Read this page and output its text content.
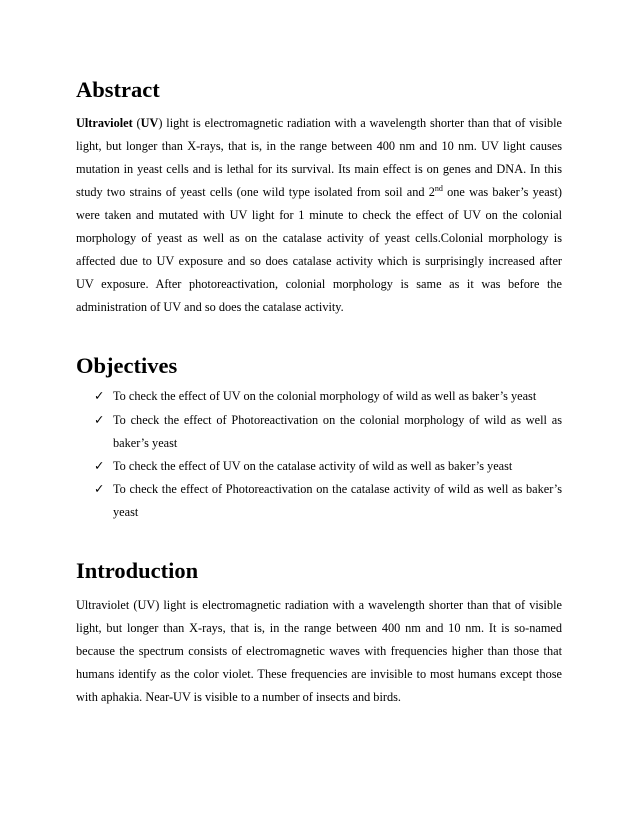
Abstract

Ultraviolet (UV) light is electromagnetic radiation with a wavelength shorter than that of visible

light, but longer than X-rays, that is, in the range between 400 nm and 10 nm. UV light causes

mutation in yeast cells and is lethal for its survival. Its main effect is on genes and DNA. In this

study two strains of yeast cells (one wild type isolated from soil and 2nd one was baker’s yeast)

were taken and mutated with UV light for 1 minute to check the effect of UV on the colonial

morphology of yeast as well as on the catalase activity of yeast cells.Colonial morphology is

affected due to UV exposure and so does catalase activity which is surprisingly increased after

UV exposure. After photoreactivation, colonial morphology is same as it was before the

administration of UV and so does the catalase activity.

Objectives
✓ To check the effect of UV on the colonial morphology of wild as well as baker’s yeast

✓ To check the effect of Photoreactivation on the colonial morphology of wild as well as

baker’s yeast

✓ To check the effect of UV on the catalase activity of wild as well as baker’s yeast

✓ To check the effect of Photoreactivation on the catalase activity of wild as well as baker’s

yeast

Introduction

Ultraviolet (UV) light is electromagnetic radiation with a wavelength shorter than that of visible

light, but longer than X-rays, that is, in the range between 400 nm and 10 nm. It is so-named

because the spectrum consists of electromagnetic waves with frequencies higher than those that

humans identify as the color violet. These frequencies are invisible to most humans except those

with aphakia. Near-UV is visible to a number of insects and birds.
